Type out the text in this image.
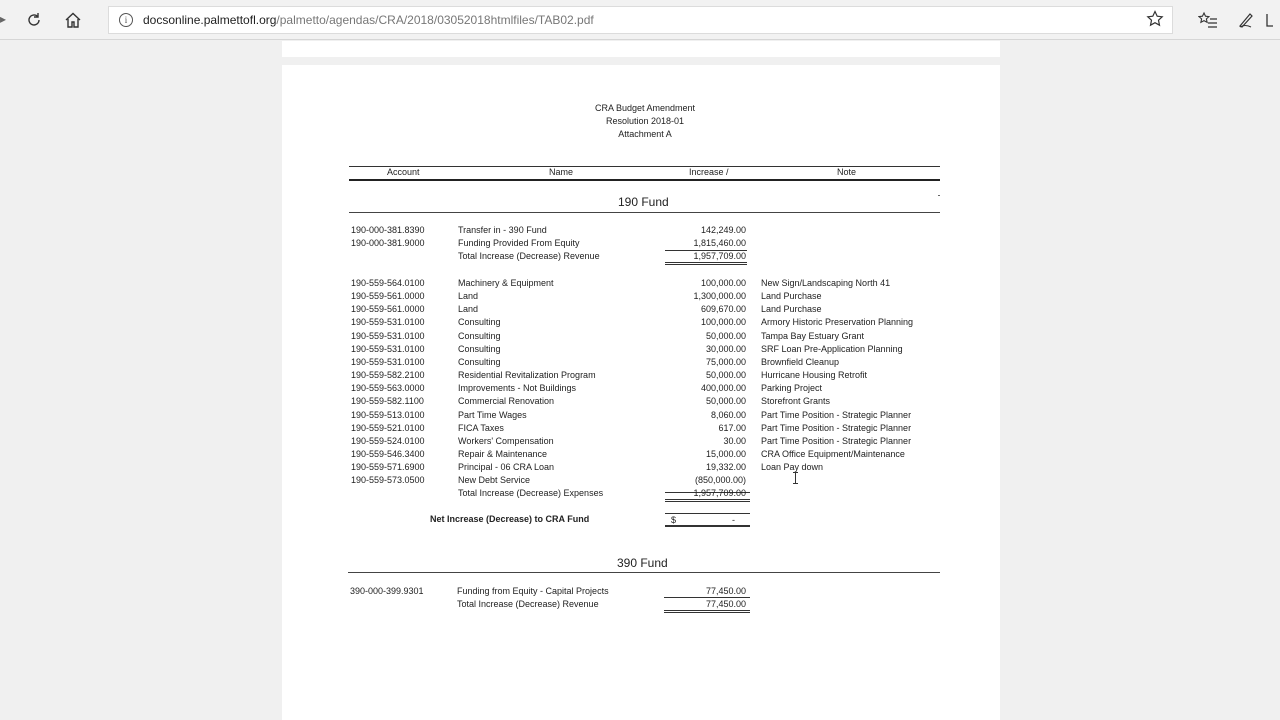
▸	i	docsonline.palmettofl.org/palmetto/agendas/CRA/2018/03052018htmlfiles/TAB02.pdf
CRA Budget Amendment
Resolution 2018-01
Attachment A
Account	Name	Increase /	Note
190 Fund
190-000-381.8390	Transfer in - 390 Fund	142,249.00
190-000-381.9000	Funding Provided From Equity	1,815,460.00
Total Increase (Decrease) Revenue	1,957,709.00
190-559-564.0100	Machinery & Equipment	100,000.00 New Sign/Landscaping North 41
190-559-561.0000	Land	1,300,000.00 Land Purchase
190-559-561.0000	Land	609,670.00 Land Purchase
190-559-531.0100	Consulting	100,000.00 Armory Historic Preservation Planning
190-559-531.0100	Consulting	50,000.00 Tampa Bay Estuary Grant
190-559-531.0100	Consulting	30,000.00 SRF Loan Pre-Application Planning
190-559-531.0100	Consulting	75,000.00 Brownfield Cleanup
190-559-582.2100	Residential Revitalization Program	50,000.00 Hurricane Housing Retrofit
190-559-563.0000	Improvements - Not Buildings	400,000.00 Parking Project
190-559-582.1100	Commercial Renovation	50,000.00 Storefront Grants
190-559-513.0100	Part Time Wages	8,060.00 Part Time Position - Strategic Planner
190-559-521.0100	FICA Taxes	617.00 Part Time Position - Strategic Planner
190-559-524.0100	Workers' Compensation	30.00 Part Time Position - Strategic Planner
190-559-546.3400	Repair & Maintenance	15,000.00 CRA Office Equipment/Maintenance
190-559-571.6900	Principal - 06 CRA Loan	19,332.00 Loan Pay down
190-559-573.0500	New Debt Service	(850,000.00)
Total Increase (Decrease) Expenses	1,957,709.00
Net Increase (Decrease) to CRA Fund	$	-
390 Fund
390-000-399.9301	Funding from Equity - Capital Projects	77,450.00
Total Increase (Decrease) Revenue	77,450.00
